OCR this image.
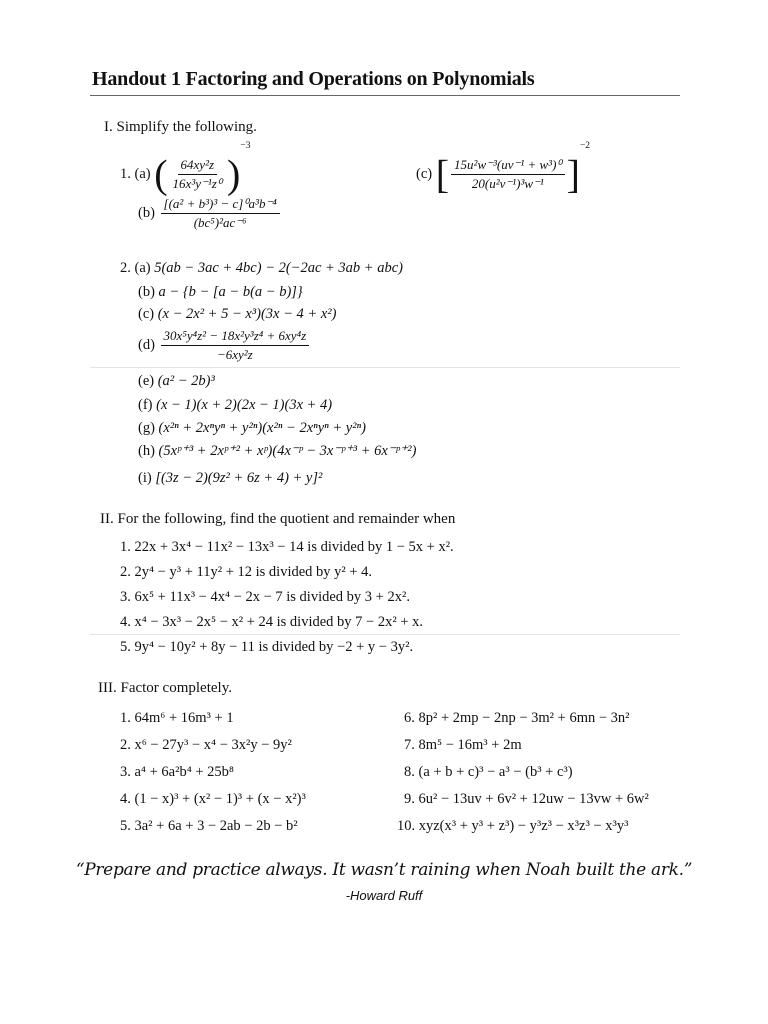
Handout 1 Factoring and Operations on Polynomials
I. Simplify the following.
1. (a) ( $\frac{\text{64xy²z}}{\text{16x³y⁻¹z⁰}} )^{-3}$
(c) [ $\frac{\text{15u²w⁻³(uv⁻¹ + w³)⁰}}{\text{20(u²v⁻¹)³w⁻¹}} ]^{-2}$
$(b) \frac{\text{[(a² + b³)³ − c]⁰a³b⁻⁴}}{\text{(bc⁵)²ac⁻⁶}}$
2. (a) 5(ab − 3ac + 4bc) − 2(−2ac + 3ab + abc)
(b) a − {b − [a − b(a − b)]}
(c) (x − 2x² + 5 − x³)(3x − 4 + x²)
$(d) \frac{\text{30x⁵y⁴z² − 18x²y³z⁴ + 6xy⁴z}}{\text{−6xy²z}}$
(e) (a² − 2b)³
(f) (x − 1)(x + 2)(2x − 1)(3x + 4)
(g) (x²ⁿ + 2xⁿyⁿ + y²ⁿ)(x²ⁿ − 2xⁿyⁿ + y²ⁿ)
(h) (5xᵖ⁺³ + 2xᵖ⁺² + xᵖ)(4x⁻ᵖ − 3x⁻ᵖ⁺³ + 6x⁻ᵖ⁺²)
(i) [(3z − 2)(9z² + 6z + 4) + y]²
II. For the following, find the quotient and remainder when
1. 22x + 3x⁴ − 11x² − 13x³ − 14 is divided by 1 − 5x + x².
2. 2y⁴ − y³ + 11y² + 12 is divided by y² + 4.
3. 6x⁵ + 11x³ − 4x⁴ − 2x − 7 is divided by 3 + 2x².
4. x⁴ − 3x³ − 2x⁵ − x² + 24 is divided by 7 − 2x² + x.
5. 9y⁴ − 10y² + 8y − 11 is divided by −2 + y − 3y².
III. Factor completely.
1. 64m⁶ + 16m³ + 1
2. x⁶ − 27y³ − x⁴ − 3x²y − 9y²
3. a⁴ + 6a²b⁴ + 25b⁸
4. (1 − x)³ + (x² − 1)³ + (x − x²)³
5. 3a² + 6a + 3 − 2ab − 2b − b²
6. 8p² + 2mp − 2np − 3m² + 6mn − 3n²
7. 8m⁵ − 16m³ + 2m
8. (a + b + c)³ − a³ − (b³ + c³)
9. 6u² − 13uv + 6v² + 12uw − 13vw + 6w²
10. xyz(x³ + y³ + z³) − y³z³ − x³z³ − x³y³
“Prepare and practice always. It wasn’t raining when Noah built the ark.”
-Howard Ruff
